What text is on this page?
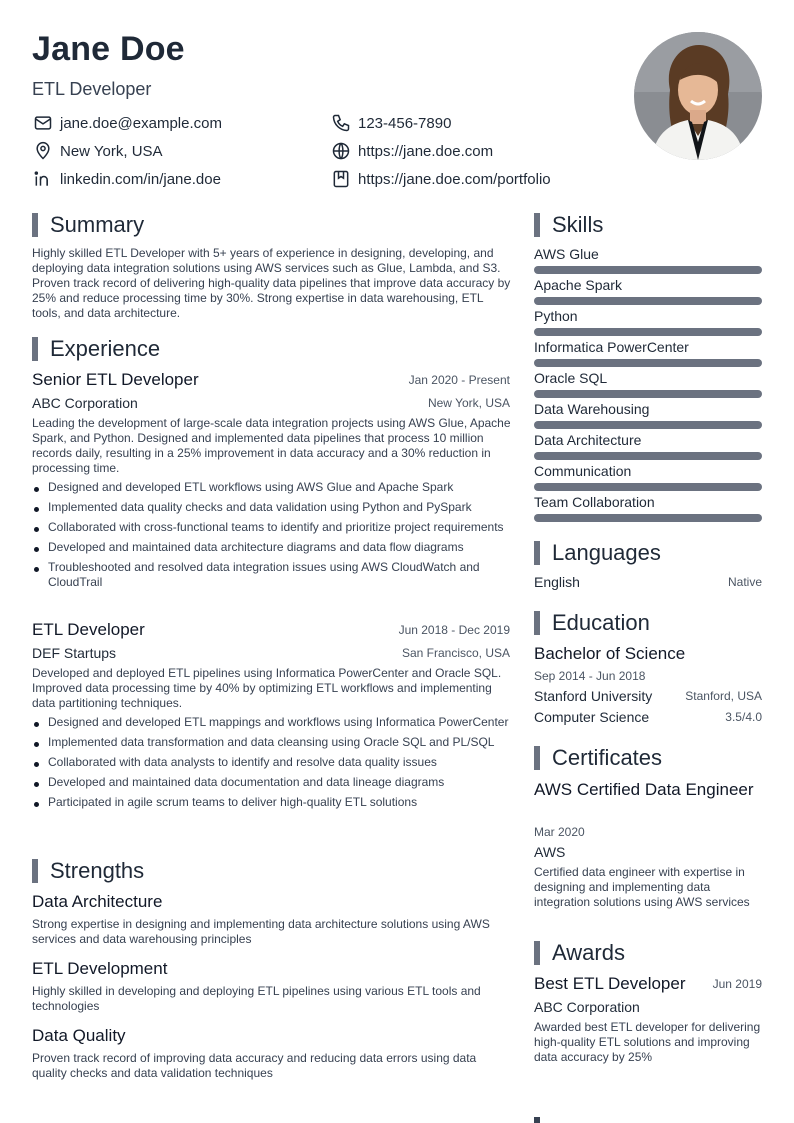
Jane Doe
ETL Developer
jane.doe@example.com	123-456-7890
New York, USA	https://jane.doe.com
linkedin.com/in/jane.doe	https://jane.doe.com/portfolio
Summary
Highly skilled ETL Developer with 5+ years of experience in designing, developing, and deploying data integration solutions using AWS services such as Glue, Lambda, and S3. Proven track record of delivering high-quality data pipelines that improve data accuracy by 25% and reduce processing time by 30%. Strong expertise in data warehousing, ETL tools, and data architecture.
Experience
Senior ETL Developer	Jan 2020 - Present
ABC Corporation	New York, USA
Leading the development of large-scale data integration projects using AWS Glue, Apache Spark, and Python. Designed and implemented data pipelines that process 10 million records daily, resulting in a 25% improvement in data accuracy and a 30% reduction in processing time.
Designed and developed ETL workflows using AWS Glue and Apache Spark
Implemented data quality checks and data validation using Python and PySpark
Collaborated with cross-functional teams to identify and prioritize project requirements
Developed and maintained data architecture diagrams and data flow diagrams
Troubleshooted and resolved data integration issues using AWS CloudWatch and CloudTrail
ETL Developer	Jun 2018 - Dec 2019
DEF Startups	San Francisco, USA
Developed and deployed ETL pipelines using Informatica PowerCenter and Oracle SQL. Improved data processing time by 40% by optimizing ETL workflows and implementing data partitioning techniques.
Designed and developed ETL mappings and workflows using Informatica PowerCenter
Implemented data transformation and data cleansing using Oracle SQL and PL/SQL
Collaborated with data analysts to identify and resolve data quality issues
Developed and maintained data documentation and data lineage diagrams
Participated in agile scrum teams to deliver high-quality ETL solutions
Strengths
Data Architecture
Strong expertise in designing and implementing data architecture solutions using AWS services and data warehousing principles
ETL Development
Highly skilled in developing and deploying ETL pipelines using various ETL tools and technologies
Data Quality
Proven track record of improving data accuracy and reducing data errors using data quality checks and data validation techniques
Skills
AWS Glue
Apache Spark
Python
Informatica PowerCenter
Oracle SQL
Data Warehousing
Data Architecture
Communication
Team Collaboration
Languages
English	Native
Education
Bachelor of Science
Sep 2014 - Jun 2018
Stanford University	Stanford, USA
Computer Science	3.5/4.0
Certificates
AWS Certified Data Engineer
Mar 2020
AWS
Certified data engineer with expertise in designing and implementing data integration solutions using AWS services
Awards
Best ETL Developer	Jun 2019
ABC Corporation
Awarded best ETL developer for delivering high-quality ETL solutions and improving data accuracy by 25%
